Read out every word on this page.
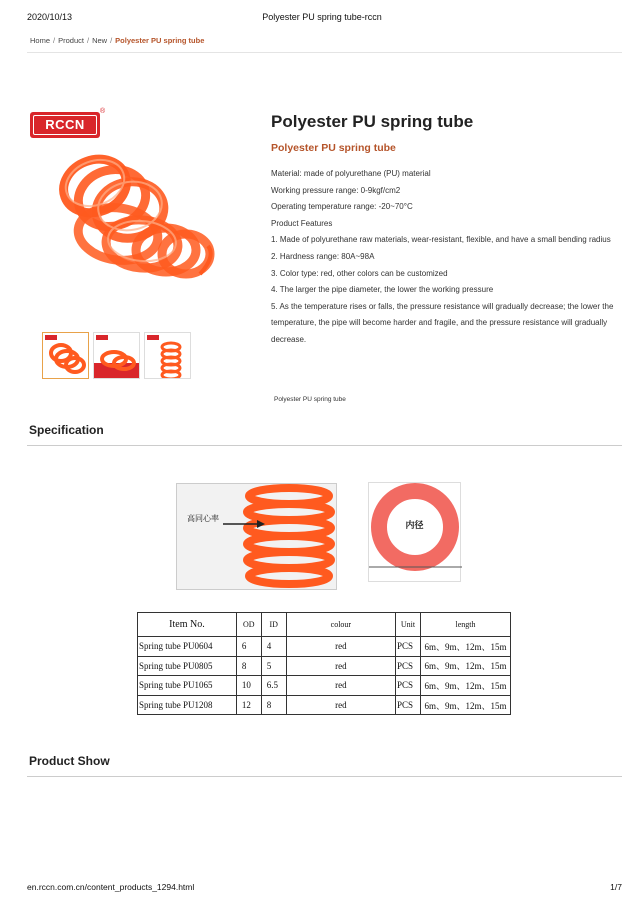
2020/10/13	Polyester PU spring tube-rccn
Home / Product / New / Polyester PU spring tube
RCCN
®
Polyester PU spring tube
Polyester PU spring tube
Material: made of polyurethane (PU) material
Working pressure range: 0-9kgf/cm2
Operating temperature range: -20~70°C
Product Features
1. Made of polyurethane raw materials, wear-resistant, flexible, and have a small bending radius
2. Hardness range: 80A~98A
3. Color type: red, other colors can be customized
4. The larger the pipe diameter, the lower the working pressure
5. As the temperature rises or falls, the pressure resistance will gradually decrease; the lower the temperature, the pipe will become harder and fragile, and the pressure resistance will gradually decrease.
Polyester PU spring tube
Specification
高同心率
内径
Item No.	OD	ID	colour	Unit	length
Spring tube PU0604	6	4	red	PCS	6m、9m、12m、15m
Spring tube PU0805	8	5	red	PCS	6m、9m、12m、15m
Spring tube PU1065	10	6.5	red	PCS	6m、9m、12m、15m
Spring tube PU1208	12	8	red	PCS	6m、9m、12m、15m
Product Show
en.rccn.com.cn/content_products_1294.html	1/7
